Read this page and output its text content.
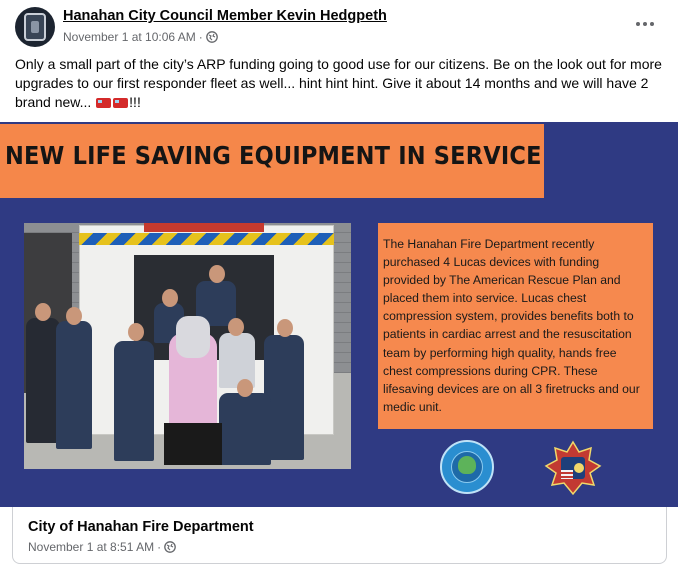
Hanahan City Council Member Kevin Hedgpeth
November 1 at 10:06 AM ·
Only a small part of the city’s ARP funding going to good use for our citizens. Be on the look out for more upgrades to our first responder fleet as well... hint hint hint. Give it about 14 months and we will have 2 brand new...	!!!
NEW LIFE SAVING EQUIPMENT IN SERVICE
The Hanahan Fire Department recently purchased 4 Lucas devices with funding provided by The American Rescue Plan and placed them into service. Lucas chest compression system, provides benefits both to patients in cardiac arrest and the resuscitation team by performing high quality, hands free chest compressions during CPR. These lifesaving devices are on all 3 firetrucks and our medic unit.
City of Hanahan Fire Department
November 1 at 8:51 AM ·
